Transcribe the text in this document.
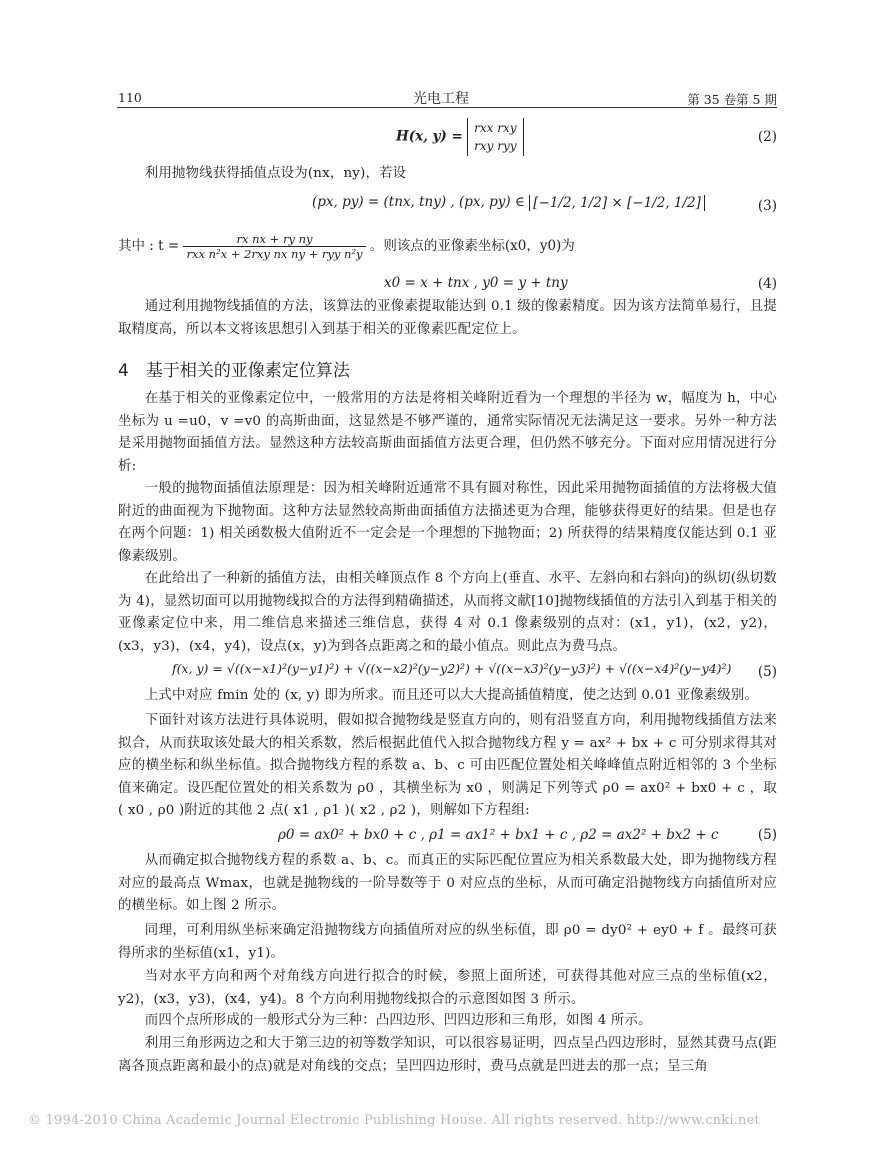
110	光电工程	第 35 卷第 5 期
H(x, y) = rxx rxy
rxy ryy
(2)

利用抛物线获得插值点设为(nx，ny)，若设

(px, py) = (tnx, tny) , (px, py) ∈ [−1/2, 1/2] × [−1/2, 1/2]	(3)
其中 : $t = \frac{\text{rx nx + ry ny}}{\text{rxx n²x + 2rxy nx ny + ryy n²y}}$ 。则该点的亚像素坐标(x0，y0)为
x0 = x + tnx , y0 = y + tny	(4)

通过利用抛物线插值的方法，该算法的亚像素提取能达到 0.1 级的像素精度。因为该方法简单易行，且提取精度高，所以本文将该思想引入到基于相关的亚像素匹配定位上。

4　基于相关的亚像素定位算法

在基于相关的亚像素定位中，一般常用的方法是将相关峰附近看为一个理想的半径为 w，幅度为 h，中心坐标为 u =u0，v =v0 的高斯曲面，这显然是不够严谨的，通常实际情况无法满足这一要求。另外一种方法是采用抛物面插值方法。显然这种方法较高斯曲面插值方法更合理，但仍然不够充分。下面对应用情况进行分析:

一般的抛物面插值法原理是：因为相关峰附近通常不具有圆对称性，因此采用抛物面插值的方法将极大值附近的曲面视为下抛物面。这种方法显然较高斯曲面插值方法描述更为合理，能够获得更好的结果。但是也存在两个问题：1) 相关函数极大值附近不一定会是一个理想的下抛物面；2) 所获得的结果精度仅能达到 0.1 亚像素级别。

在此给出了一种新的插值方法，由相关峰顶点作 8 个方向上(垂直、水平、左斜向和右斜向)的纵切(纵切数为 4)，显然切面可以用抛物线拟合的方法得到精确描述，从而将文献[10]抛物线插值的方法引入到基于相关的亚像素定位中来，用二维信息来描述三维信息，获得 4 对 0.1 像素级别的点对：(x1，y1)，(x2，y2)，(x3，y3)，(x4，y4)，设点(x，y)为到各点距离之和的最小值点。则此点为费马点。

f(x, y) = √((x−x1)²(y−y1)²) + √((x−x2)²(y−y2)²) + √((x−x3)²(y−y3)²) + √((x−x4)²(y−y4)²) (5)

上式中对应 fmin 处的 (x, y) 即为所求。而且还可以大大提高插值精度，使之达到 0.01 亚像素级别。

下面针对该方法进行具体说明，假如拟合抛物线是竖直方向的，则有沿竖直方向，利用抛物线插值方法来拟合，从而获取该处最大的相关系数，然后根据此值代入拟合抛物线方程 y = ax² + bx + c 可分别求得其对应的横坐标和纵坐标值。拟合抛物线方程的系数 a、b、c 可由匹配位置处相关峰峰值点附近相邻的 3 个坐标值来确定。设匹配位置处的相关系数为 ρ0 ，其横坐标为 x0 ，则满足下列等式 ρ0 = ax0² + bx0 + c ，取 ( x0 , ρ0 )附近的其他 2 点( x1 , ρ1 )( x2 , ρ2 )，则解如下方程组:

ρ0 = ax0² + bx0 + c , ρ1 = ax1² + bx1 + c , ρ2 = ax2² + bx2 + c	(5)

从而确定拟合抛物线方程的系数 a、b、c。而真正的实际匹配位置应为相关系数最大处，即为抛物线方程对应的最高点 Wmax，也就是抛物线的一阶导数等于 0 对应点的坐标，从而可确定沿抛物线方向插值所对应的横坐标。如上图 2 所示。

同理，可利用纵坐标来确定沿抛物线方向插值所对应的纵坐标值，即 ρ0 = dy0² + ey0 + f 。最终可获得所求的坐标值(x1，y1)。

当对水平方向和两个对角线方向进行拟合的时候，参照上面所述，可获得其他对应三点的坐标值(x2，y2)，(x3，y3)，(x4，y4)。8 个方向利用抛物线拟合的示意图如图 3 所示。

而四个点所形成的一般形式分为三种：凸四边形、凹四边形和三角形，如图 4 所示。

利用三角形两边之和大于第三边的初等数学知识，可以很容易证明，四点呈凸四边形时，显然其费马点(距离各顶点距离和最小的点)就是对角线的交点；呈凹四边形时，费马点就是凹进去的那一点；呈三角

© 1994-2010 China Academic Journal Electronic Publishing House. All rights reserved. http://www.cnki.net
